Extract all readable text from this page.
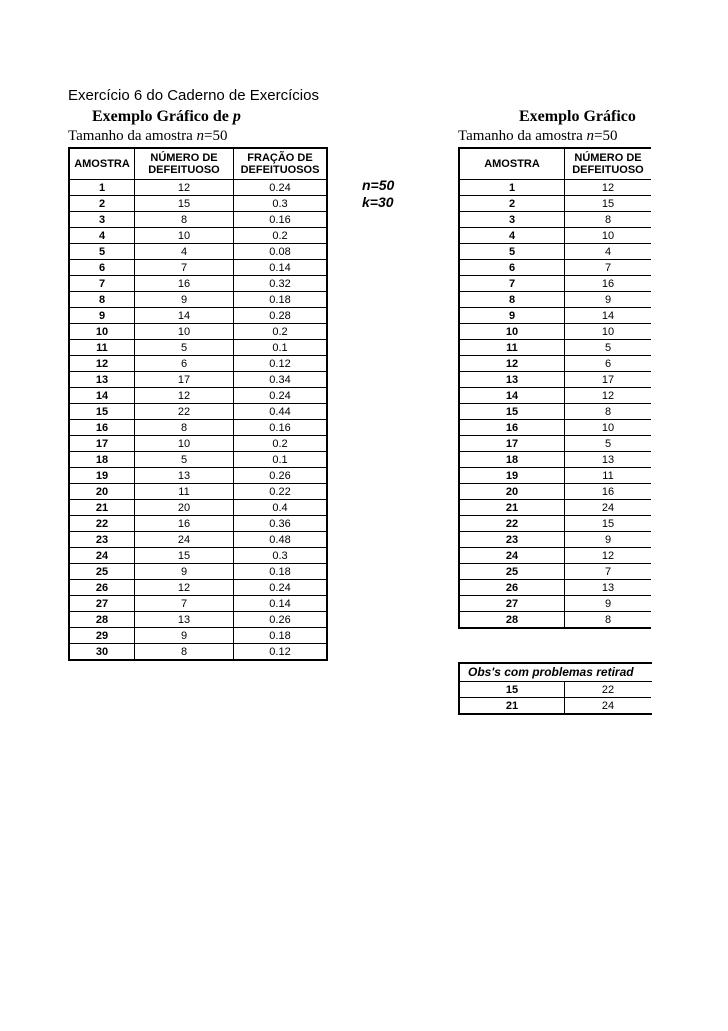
Exercício 6 do Caderno de Exercícios
Exemplo Gráfico de p	Exemplo Gráfico
Tamanho da amostra n=50	Tamanho da amostra n=50
n=50
k=30
AMOSTRA	NÚMERO DE DEFEITUOSO	FRAÇÃO DE DEFEITUOSOS
1	12	0.24
2	15	0.3
3	8	0.16
4	10	0.2
5	4	0.08
6	7	0.14
7	16	0.32
8	9	0.18
9	14	0.28
10	10	0.2
11	5	0.1
12	6	0.12
13	17	0.34
14	12	0.24
15	22	0.44
16	8	0.16
17	10	0.2
18	5	0.1
19	13	0.26
20	11	0.22
21	20	0.4
22	16	0.36
23	24	0.48
24	15	0.3
25	9	0.18
26	12	0.24
27	7	0.14
28	13	0.26
29	9	0.18
30	8	0.12
AMOSTRA	NÚMERO DE DEFEITUOSO
1	12
2	15
3	8
4	10
5	4
6	7
7	16
8	9
9	14
10	10
11	5
12	6
13	17
14	12
15	8
16	10
17	5
18	13
19	11
20	16
21	24
22	15
23	9
24	12
25	7
26	13
27	9
28	8
Obs's com problemas retirad
15	22
21	24
